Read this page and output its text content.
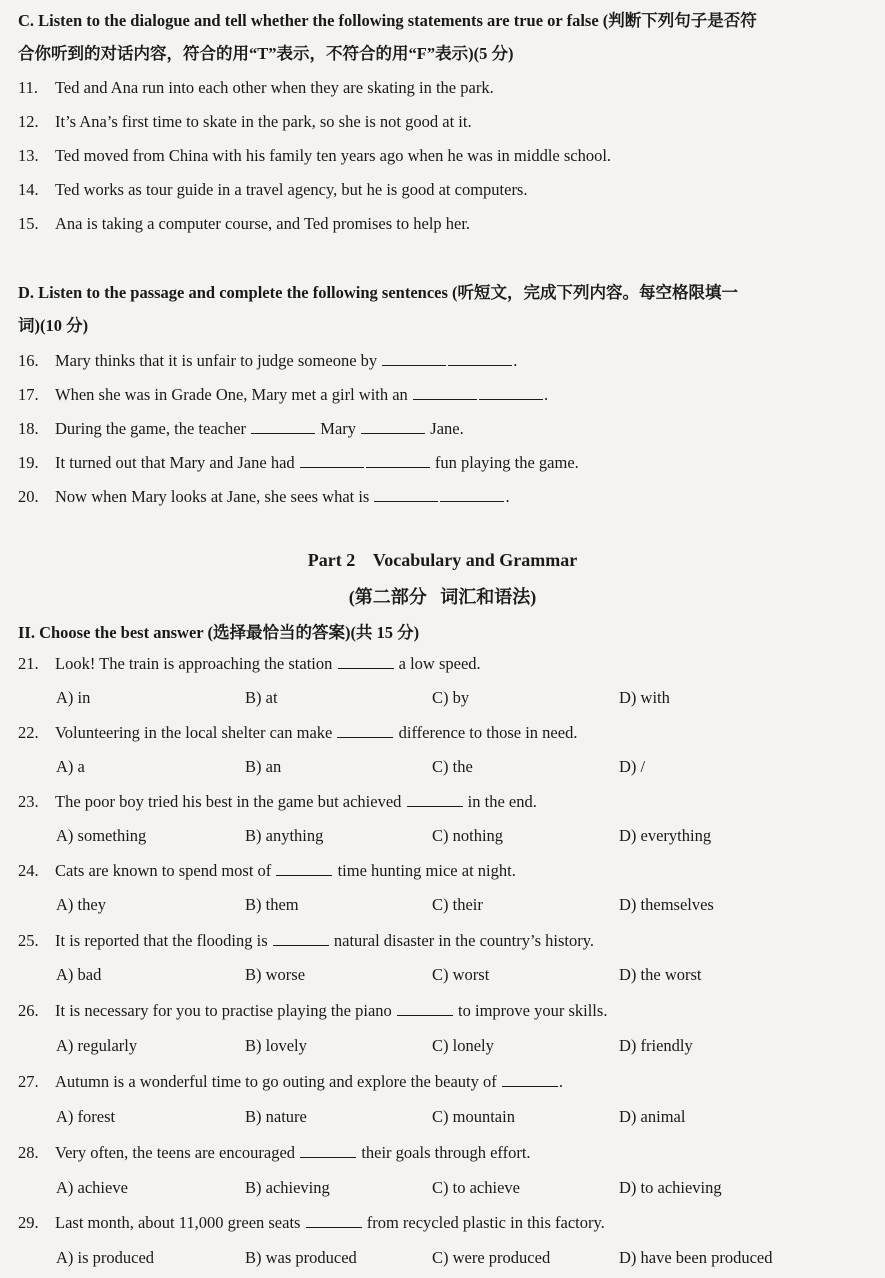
C. Listen to the dialogue and tell whether the following statements are true or false (判断下列句子是否符
合你听到的对话内容，符合的用“T”表示，不符合的用“F”表示)(5 分)
11. Ted and Ana run into each other when they are skating in the park.
12. It’s Ana’s first time to skate in the park, so she is not good at it.
13. Ted moved from China with his family ten years ago when he was in middle school.
14. Ted works as tour guide in a travel agency, but he is good at computers.
15. Ana is taking a computer course, and Ted promises to help her.
D. Listen to the passage and complete the following sentences (听短文，完成下列内容。每空格限填一
词)(10 分)
16. Mary thinks that it is unfair to judge someone by	.
17. When she was in Grade One, Mary met a girl with an	.
18. During the game, the teacher	Mary	Jane.
19. It turned out that Mary and Jane had	fun playing the game.
20. Now when Mary looks at Jane, she sees what is	.
Part 2    Vocabulary and Grammar
(第二部分   词汇和语法)
II. Choose the best answer (选择最恰当的答案)(共 15 分)
21. Look! The train is approaching the station	a low speed.
A) in	B) at	C) by	D) with
22. Volunteering in the local shelter can make	difference to those in need.
A) a	B) an	C) the	D) /
23. The poor boy tried his best in the game but achieved	in the end.
A) something	B) anything	C) nothing	D) everything
24. Cats are known to spend most of	time hunting mice at night.
A) they	B) them	C) their	D) themselves
25. It is reported that the flooding is	natural disaster in the country’s history.
A) bad	B) worse	C) worst	D) the worst
26. It is necessary for you to practise playing the piano	to improve your skills.
A) regularly	B) lovely	C) lonely	D) friendly
27. Autumn is a wonderful time to go outing and explore the beauty of	.
A) forest	B) nature	C) mountain	D) animal
28. Very often, the teens are encouraged	their goals through effort.
A) achieve	B) achieving	C) to achieve	D) to achieving
29. Last month, about 11,000 green seats	from recycled plastic in this factory.
A) is produced	B) was produced	C) were produced	D) have been produced
